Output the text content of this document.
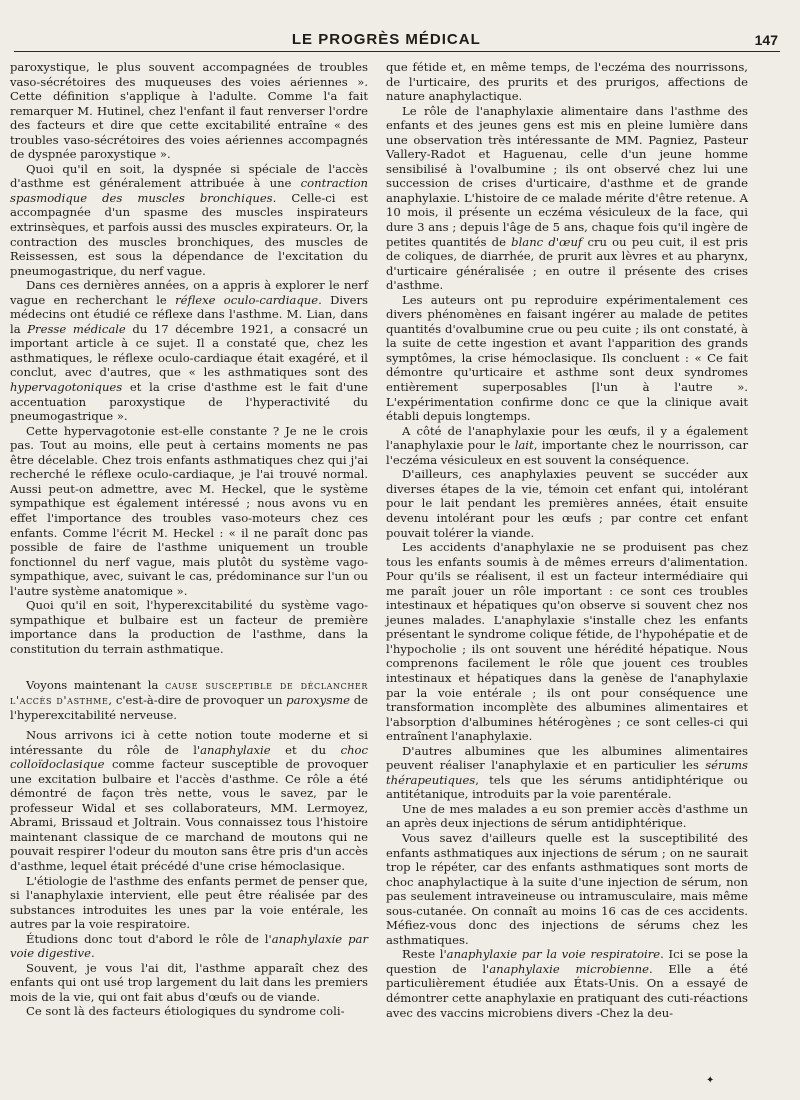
LE PROGRÈS MÉDICAL	147

paroxystique, le plus souvent accompagnées de troubles vaso-sécrétoires des muqueuses des voies aériennes ». Cette définition s'applique à l'adulte. Comme l'a fait remarquer M. Hutinel, chez l'enfant il faut renverser l'ordre des facteurs et dire que cette excitabilité entraîne « des troubles vaso-sécrétoires des voies aériennes accompagnés de dyspnée paroxystique ».

Quoi qu'il en soit, la dyspnée si spéciale de l'accès d'asthme est généralement attribuée à une contraction spasmodique des muscles bronchiques. Celle-ci est accompagnée d'un spasme des muscles inspirateurs extrinsèques, et parfois aussi des muscles expirateurs. Or, la contraction des muscles bronchiques, des muscles de Reissessen, est sous la dépendance de l'excitation du pneumogastrique, du nerf vague.

Dans ces dernières années, on a appris à explorer le nerf vague en recherchant le réflexe oculo-cardiaque. Divers médecins ont étudié ce réflexe dans l'asthme. M. Lian, dans la Presse médicale du 17 décembre 1921, a consacré un important article à ce sujet. Il a constaté que, chez les asthmatiques, le réflexe oculo-cardiaque était exagéré, et il conclut, avec d'autres, que « les asthmatiques sont des hypervagotoniques et la crise d'asthme est le fait d'une accentuation paroxystique de l'hyperactivité du pneumogastrique ».

Cette hypervagotonie est-elle constante ? Je ne le crois pas. Tout au moins, elle peut à certains moments ne pas être décelable. Chez trois enfants asthmatiques chez qui j'ai recherché le réflexe oculo-cardiaque, je l'ai trouvé normal. Aussi peut-on admettre, avec M. Heckel, que le système sympathique est également intéressé ; nous avons vu en effet l'importance des troubles vaso-moteurs chez ces enfants. Comme l'écrit M. Heckel : « il ne paraît donc pas possible de faire de l'asthme uniquement un trouble fonctionnel du nerf vague, mais plutôt du système vago-sympathique, avec, suivant le cas, prédominance sur l'un ou l'autre système anatomique ».

Quoi qu'il en soit, l'hyperexcitabilité du système vago-sympathique et bulbaire est un facteur de première importance dans la production de l'asthme, dans la constitution du terrain asthmatique.

Voyons maintenant la cause susceptible de déclancher l'accès d'asthme, c'est-à-dire de provoquer un paroxysme de l'hyperexcitabilité nerveuse.

Nous arrivons ici à cette notion toute moderne et si intéressante du rôle de l'anaphylaxie et du choc colloïdoclasique comme facteur susceptible de provoquer une excitation bulbaire et l'accès d'asthme. Ce rôle a été démontré de façon très nette, vous le savez, par le professeur Widal et ses collaborateurs, MM. Lermoyez, Abrami, Brissaud et Joltrain. Vous connaissez tous l'histoire maintenant classique de ce marchand de moutons qui ne pouvait respirer l'odeur du mouton sans être pris d'un accès d'asthme, lequel était précédé d'une crise hémoclasique.

L'étiologie de l'asthme des enfants permet de penser que, si l'anaphylaxie intervient, elle peut être réalisée par des substances introduites les unes par la voie entérale, les autres par la voie respiratoire.

Étudions donc tout d'abord le rôle de l'anaphylaxie par voie digestive.

Souvent, je vous l'ai dit, l'asthme apparaît chez des enfants qui ont usé trop largement du lait dans les premiers mois de la vie, qui ont fait abus d'œufs ou de viande.

Ce sont là des facteurs étiologiques du syndrome coli-

que fétide et, en même temps, de l'eczéma des nourrissons, de l'urticaire, des prurits et des prurigos, affections de nature anaphylactique.

Le rôle de l'anaphylaxie alimentaire dans l'asthme des enfants et des jeunes gens est mis en pleine lumière dans une observation très intéressante de MM. Pagniez, Pasteur Vallery-Radot et Haguenau, celle d'un jeune homme sensibilisé à l'ovalbumine ; ils ont observé chez lui une succession de crises d'urticaire, d'asthme et de grande anaphylaxie. L'histoire de ce malade mérite d'être retenue. A 10 mois, il présente un eczéma vésiculeux de la face, qui dure 3 ans ; depuis l'âge de 5 ans, chaque fois qu'il ingère de petites quantités de blanc d'œuf cru ou peu cuit, il est pris de coliques, de diarrhée, de prurit aux lèvres et au pharynx, d'urticaire généralisée ; en outre il présente des crises d'asthme.

Les auteurs ont pu reproduire expérimentalement ces divers phénomènes en faisant ingérer au malade de petites quantités d'ovalbumine crue ou peu cuite ; ils ont constaté, à la suite de cette ingestion et avant l'apparition des grands symptômes, la crise hémoclasique. Ils concluent : « Ce fait démontre qu'urticaire et asthme sont deux syndromes entièrement superposables [l'un à l'autre ». L'expérimentation confirme donc ce que la clinique avait établi depuis longtemps.

A côté de l'anaphylaxie pour les œufs, il y a également l'anaphylaxie pour le lait, importante chez le nourrisson, car l'eczéma vésiculeux en est souvent la conséquence.

D'ailleurs, ces anaphylaxies peuvent se succéder aux diverses étapes de la vie, témoin cet enfant qui, intolérant pour le lait pendant les premières années, était ensuite devenu intolérant pour les œufs ; par contre cet enfant pouvait tolérer la viande.

Les accidents d'anaphylaxie ne se produisent pas chez tous les enfants soumis à de mêmes erreurs d'alimentation. Pour qu'ils se réalisent, il est un facteur intermédiaire qui me paraît jouer un rôle important : ce sont ces troubles intestinaux et hépatiques qu'on observe si souvent chez nos jeunes malades. L'anaphylaxie s'installe chez les enfants présentant le syndrome colique fétide, de l'hypohépatie et de l'hypocholie ; ils ont souvent une hérédité hépatique. Nous comprenons facilement le rôle que jouent ces troubles intestinaux et hépatiques dans la genèse de l'anaphylaxie par la voie entérale ; ils ont pour conséquence une transformation incomplète des albumines alimentaires et l'absorption d'albumines hétérogènes ; ce sont celles-ci qui entraînent l'anaphylaxie.

D'autres albumines que les albumines alimentaires peuvent réaliser l'anaphylaxie et en particulier les sérums thérapeutiques, tels que les sérums antidiphtérique ou antitétanique, introduits par la voie parentérale.

Une de mes malades a eu son premier accès d'asthme un an après deux injections de sérum antidiphtérique.

Vous savez d'ailleurs quelle est la susceptibilité des enfants asthmatiques aux injections de sérum ; on ne saurait trop le répéter, car des enfants asthmatiques sont morts de choc anaphylactique à la suite d'une injection de sérum, non pas seulement intraveineuse ou intramusculaire, mais même sous-cutanée. On connaît au moins 16 cas de ces accidents. Méfiez-vous donc des injections de sérums chez les asthmatiques.

Reste l'anaphylaxie par la voie respiratoire. Ici se pose la question de l'anaphylaxie microbienne. Elle a été particulièrement étudiée aux États-Unis. On a essayé de démontrer cette anaphylaxie en pratiquant des cuti-réactions avec des vaccins microbiens divers -Chez la deu-

✦
